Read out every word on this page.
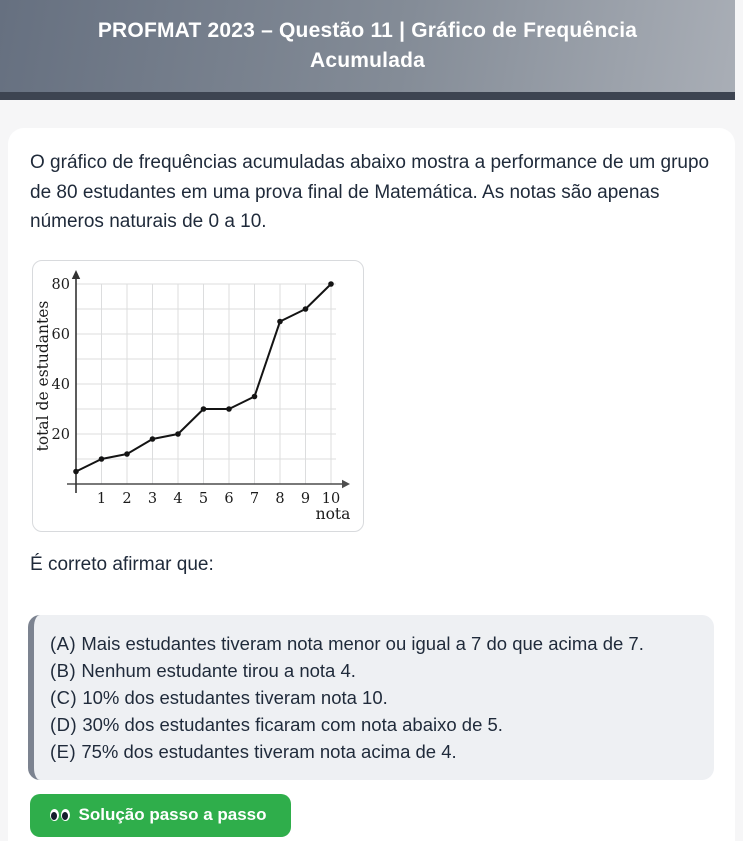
PROFMAT 2023 – Questão 11 | Gráfico de Frequência Acumulada

O gráfico de frequências acumuladas abaixo mostra a performance de um grupo de 80 estudantes em uma prova final de Matemática. As notas são apenas números naturais de 0 a 10.

1 2 3 4 5 6 7 8 9 10
20
40
60
80
nota
total de estudantes

É correto afirmar que:

(A) Mais estudantes tiveram nota menor ou igual a 7 do que acima de 7.
(B) Nenhum estudante tirou a nota 4.
(C) 10% dos estudantes tiveram nota 10.
(D) 30% dos estudantes ficaram com nota abaixo de 5.
(E) 75% dos estudantes tiveram nota acima de 4.
Solução passo a passo
